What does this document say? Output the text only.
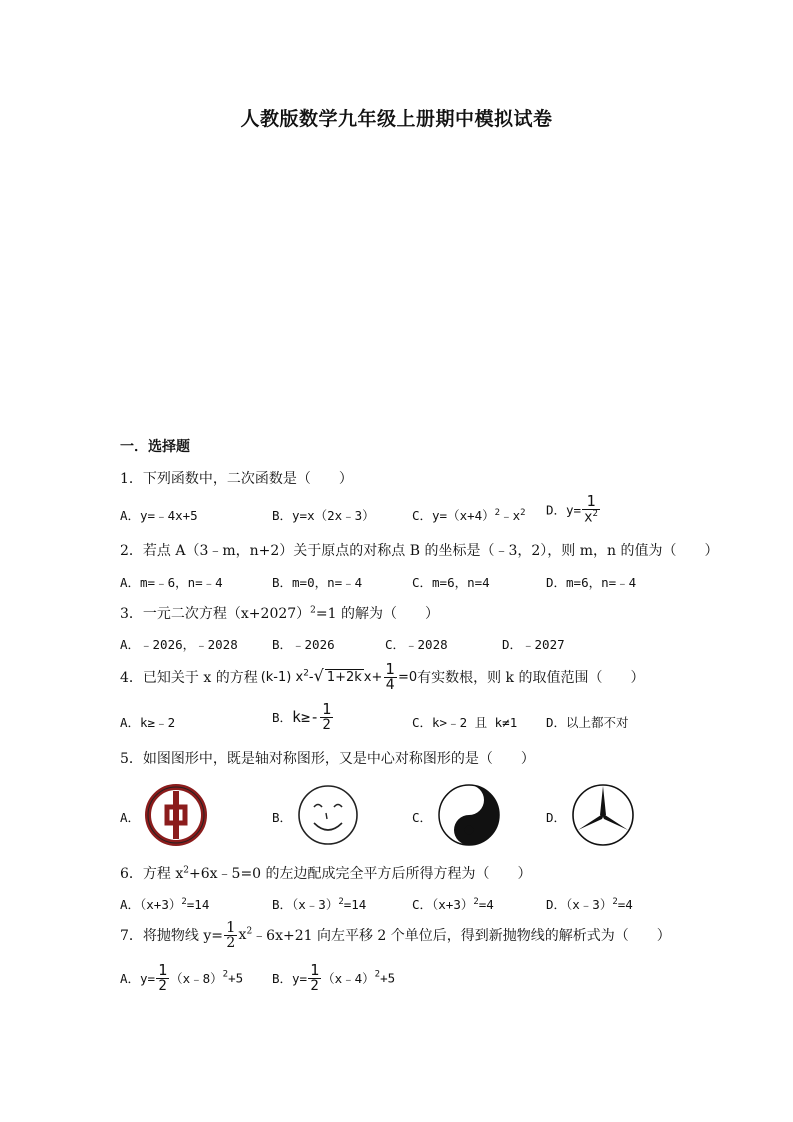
人教版数学九年级上册期中模拟试卷
一．选择题
1．下列函数中，二次函数是（　　）
A．y=﹣4x+5	B．y=x（2x﹣3）	C．$y=(x+4)^2﹣x^2$ D．$y= \frac{1}{x^2}$
2．若点 A（3﹣m，n+2）关于原点的对称点 B 的坐标是（﹣3，2），则 m，n 的值为（　　）
A．m=﹣6，n=﹣4	B．m=0，n=﹣4	C．m=6，n=4	D．m=6，n=﹣4
3．一元二次方程$(x+2027)^2=1$ 的解为（　　）
A．﹣2026，﹣2028	B．﹣2026	C．﹣2028	D．﹣2027
4．已知关于 x 的方程 (k-1) $x^2-√$ 1+2k $x+ \frac{1}{4} =0$有实数根，则 k 的取值范围（　　）
A．k≥﹣2	B．$k\ge- \frac{1}{2}$	C．k>﹣2 且 k≠1 D．以上都不对
5．如图图形中，既是轴对称图形，又是中心对称图形的是（　　）
A．	B．	C．	D．
6．方程 $x^2+6x﹣5=0$ 的左边配成完全平方后所得方程为（　　）
A．$(x+3)^2=14$	B．（x﹣3）$^2$=14	C．$(x+3)^2=4$	D．（x﹣3）$^2$=4
7．将抛物线 $y= \frac{1}{2}$ $x^2﹣6x+21$ 向左平移 2 个单位后，得到新抛物线的解析式为（　　）
A．$y= \frac{1}{2}$ （x﹣8）$^2$+5 B．$y= \frac{1}{2}$ （x﹣4）$^2$+5
